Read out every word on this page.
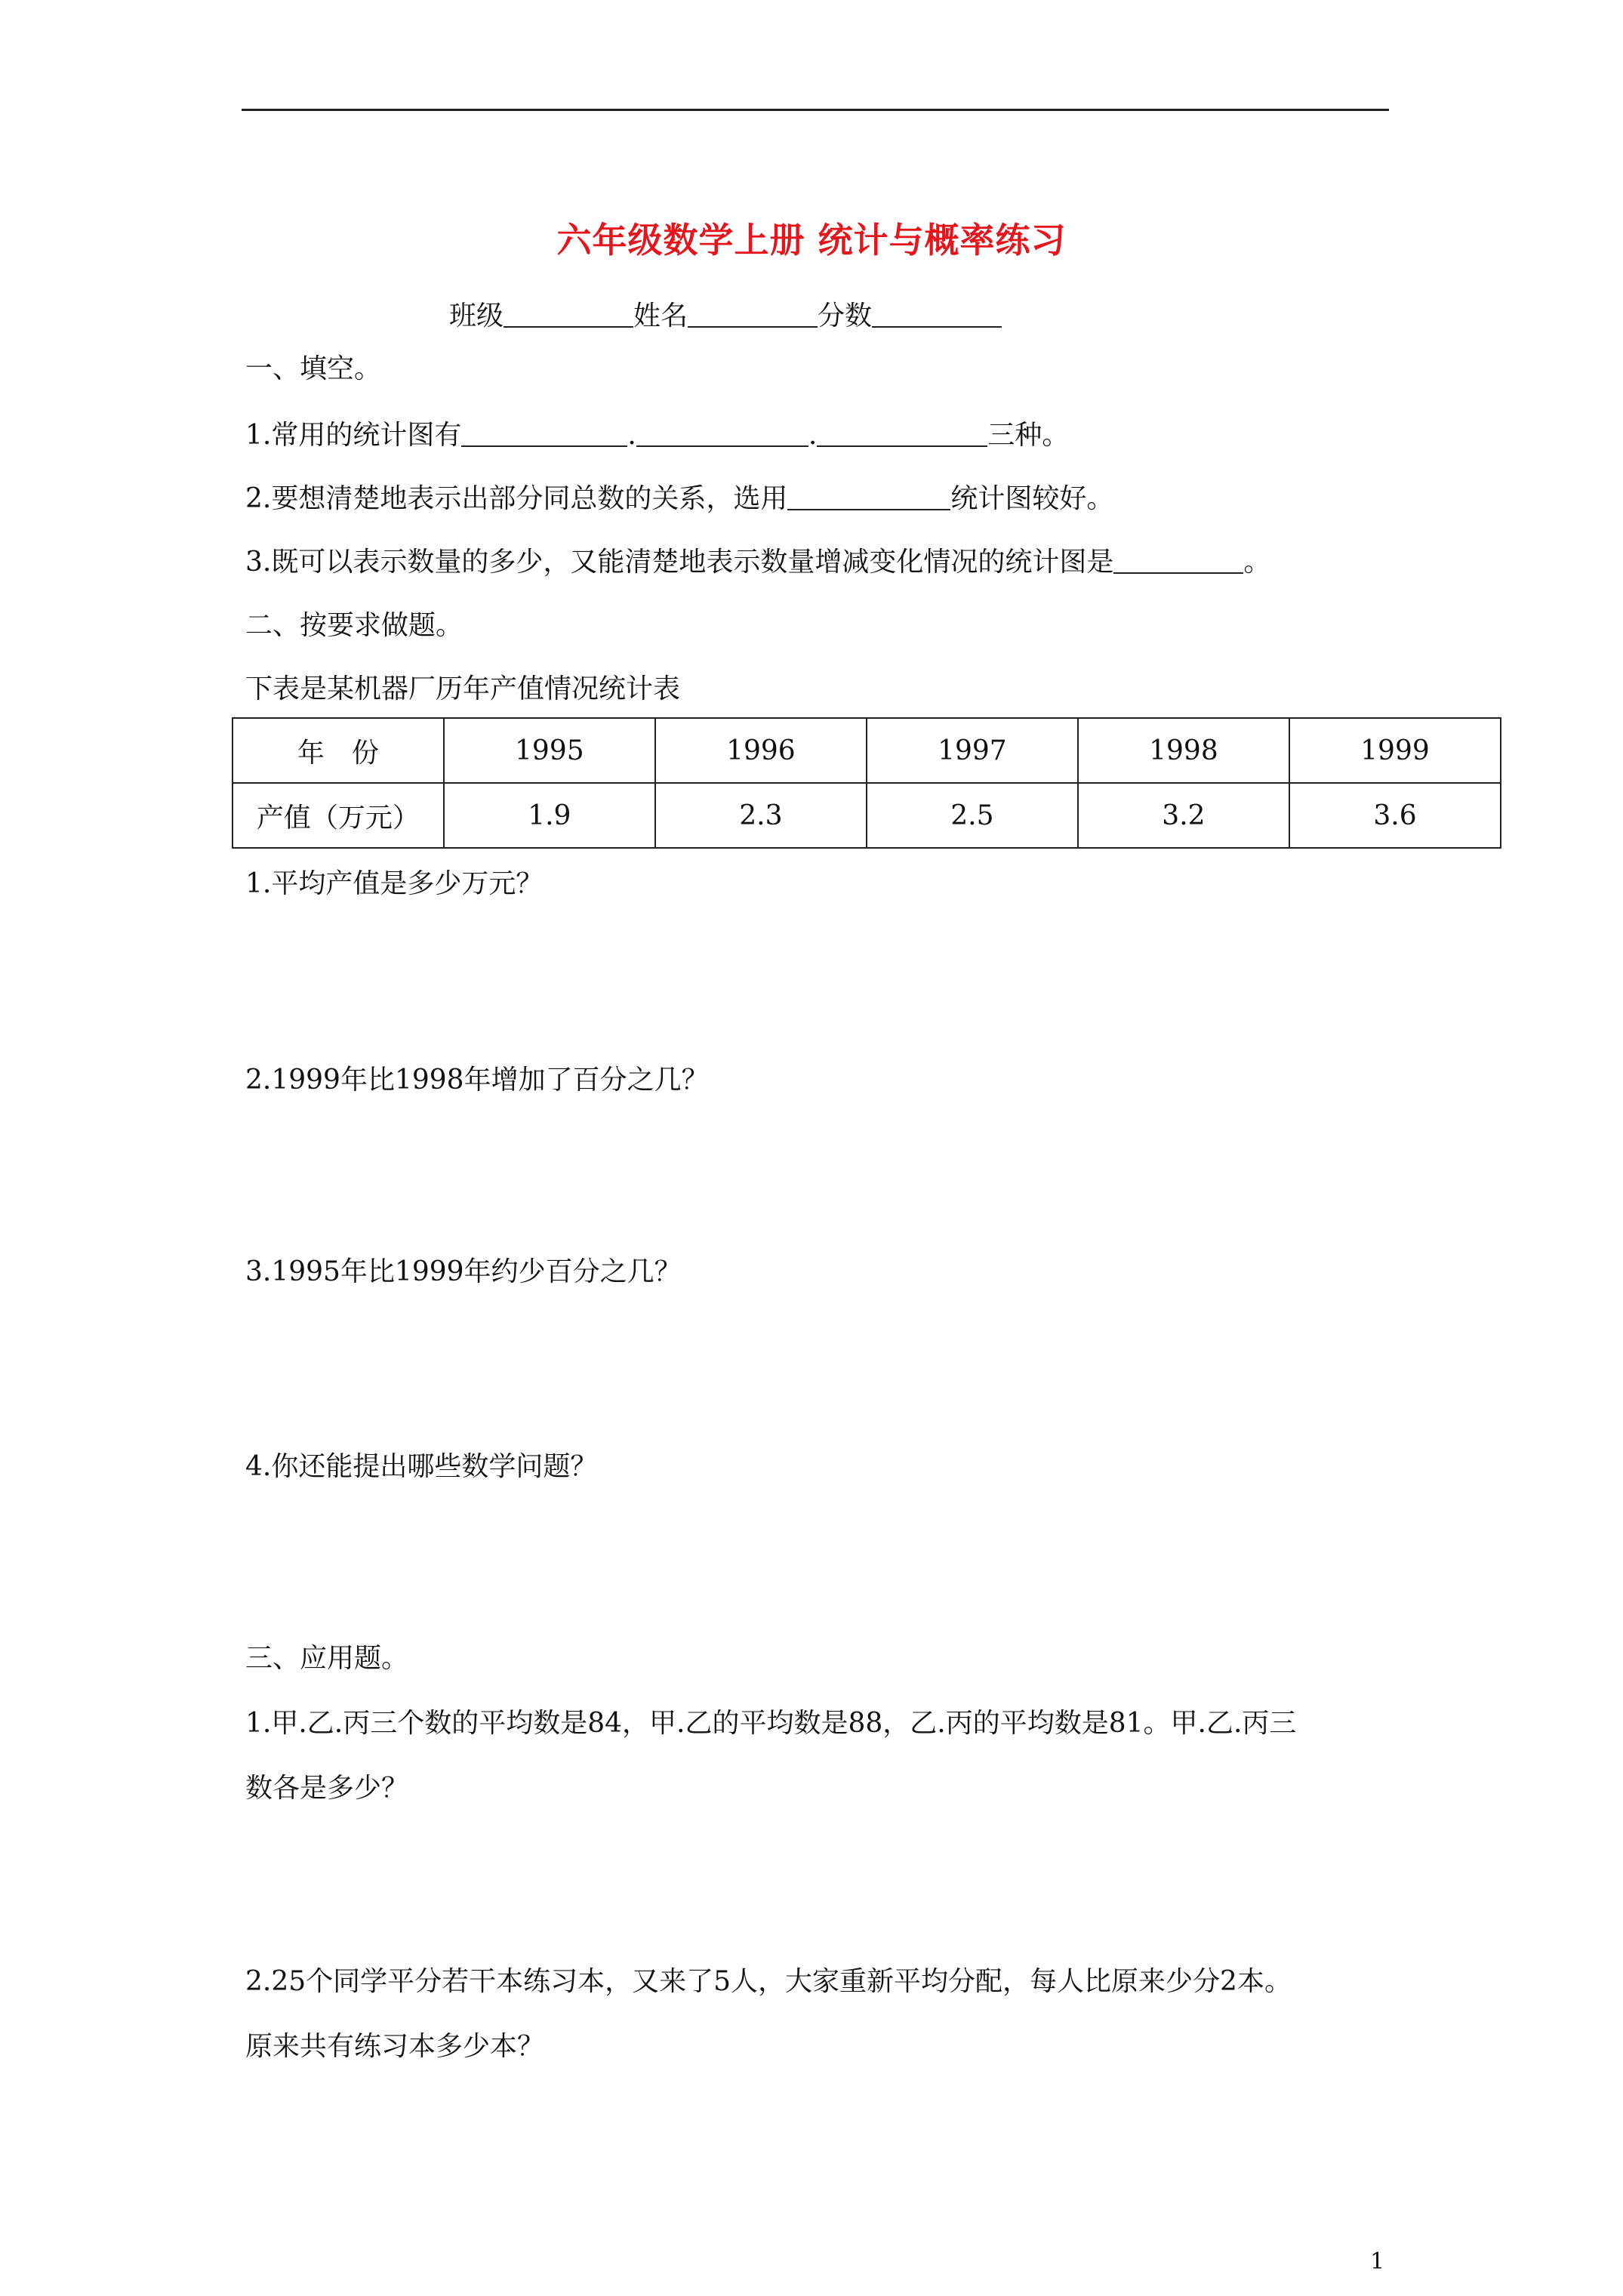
六年级数学上册 统计与概率练习
班级	姓名	分数
一、填空。
1.常用的统计图有	.	.	三种。
2.要想清楚地表示出部分同总数的关系，选用	统计图较好。
3.既可以表示数量的多少，又能清楚地表示数量增减变化情况的统计图是	。
二、按要求做题。
下表是某机器厂历年产值情况统计表
年　份	1995	1996	1997	1998	1999
产值（万元）	1.9	2.3	2.5	3.2	3.6
1.平均产值是多少万元？
2.1999年比1998年增加了百分之几？
3.1995年比1999年约少百分之几？
4.你还能提出哪些数学问题？
三、应用题。
1.甲.乙.丙三个数的平均数是84，甲.乙的平均数是88，乙.丙的平均数是81。甲.乙.丙三
数各是多少？
2.25个同学平分若干本练习本，又来了5人，大家重新平均分配，每人比原来少分2本。
原来共有练习本多少本？
1
